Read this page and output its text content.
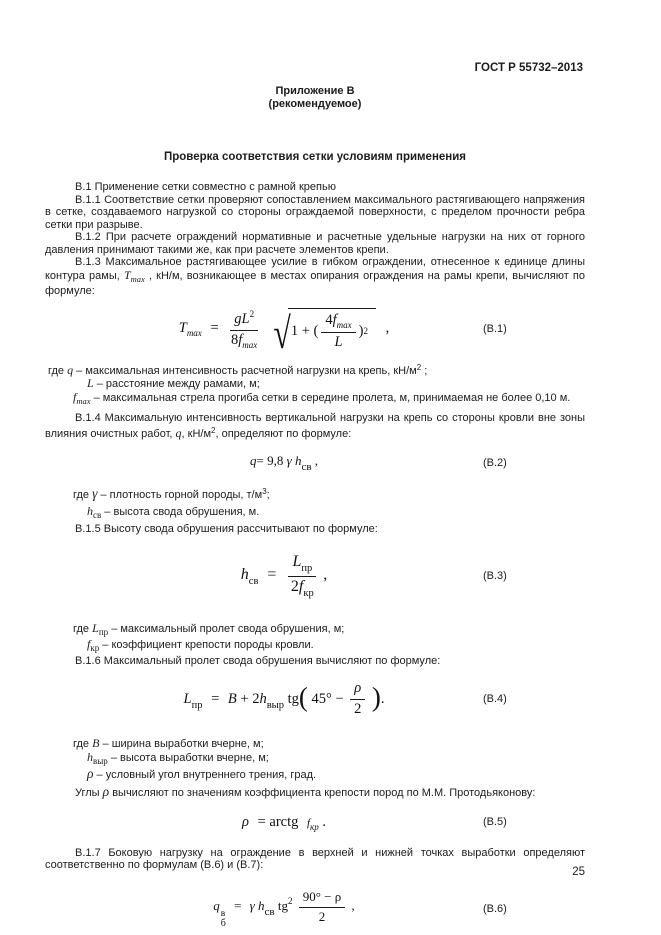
ГОСТ Р 55732–2013
Приложение В
(рекомендуемое)
Проверка соответствия сетки условиям применения

В.1 Применение сетки совместно с рамной крепью

В.1.1 Соответствие сетки проверяют сопоставлением максимального растягивающего напряжения в сетке, создаваемого нагрузкой со стороны ограждаемой поверхности, с пределом прочности ребра сетки при разрыве.

В.1.2 При расчете ограждений нормативные и расчетные удельные нагрузки на них от горного давления принимают такими же, как при расчете элементов крепи.

В.1.3 Максимальное растягивающее усилие в гибком ограждении, отнесенное к единице длины контура рамы, $T_{max}$ , кН/м, возникающее в местах опирания ограждения на рамы крепи, вычисляют по формуле:

$T_{max} = \frac{gL^2}{8f_{max}}$
√ 1 + ( $\frac{4f_{max}}{L}$ ) 2 ,	(В.1)
где q – максимальная интенсивность расчетной нагрузки на крепь, $кН/м^2$ ;
L – расстояние между рамами, м;
$f_{max}$ – максимальная стрела прогиба сетки в середине пролета, м, принимаемая не более 0,10 м.

В.1.4 Максимальную интенсивность вертикальной нагрузки на крепь со стороны кровли вне зоны влияния очистных работ, q, $кН/м^2$, определяют по формуле:

q= 9,8 γ $h_{св}$ ,	(В.2)
где γ – плотность горной породы, $т/м^3$;
$h_{св}$ – высота свода обрушения, м.

В.1.5 Высоту свода обрушения рассчитывают по формуле:

$h_{св} = \frac{L_{пр}}{2f_{кр}}$ ,	(В.3)
где $L_{пр}$ – максимальный пролет свода обрушения, м;
$f_{кр}$ – коэффициент крепости породы кровли.

В.1.6 Максимальный пролет свода обрушения вычисляют по формуле:

$L_{пр} = B + 2h_{выр}$ tg( $45^\circ - \frac{\rho}{2}$ ).	(В.4)
где B – ширина выработки вчерне, м;
$h_{выр}$ – высота выработки вчерне, м;
ρ – условный угол внутреннего трения, град.

Углы ρ вычисляют по значениям коэффициента крепости пород по М.М. Протодьяконову:

ρ = arctg $f_{кр}$ .	(В.5)

В.1.7 Боковую нагрузку на ограждение в верхней и нижней точках выработки определяют соответственно по формулам (В.6) и (В.7):

q
в
б
= γ $h_{св}$ $tg^2 \frac{90^\circ - \rho}{2}$ ,	(В.6)
25
